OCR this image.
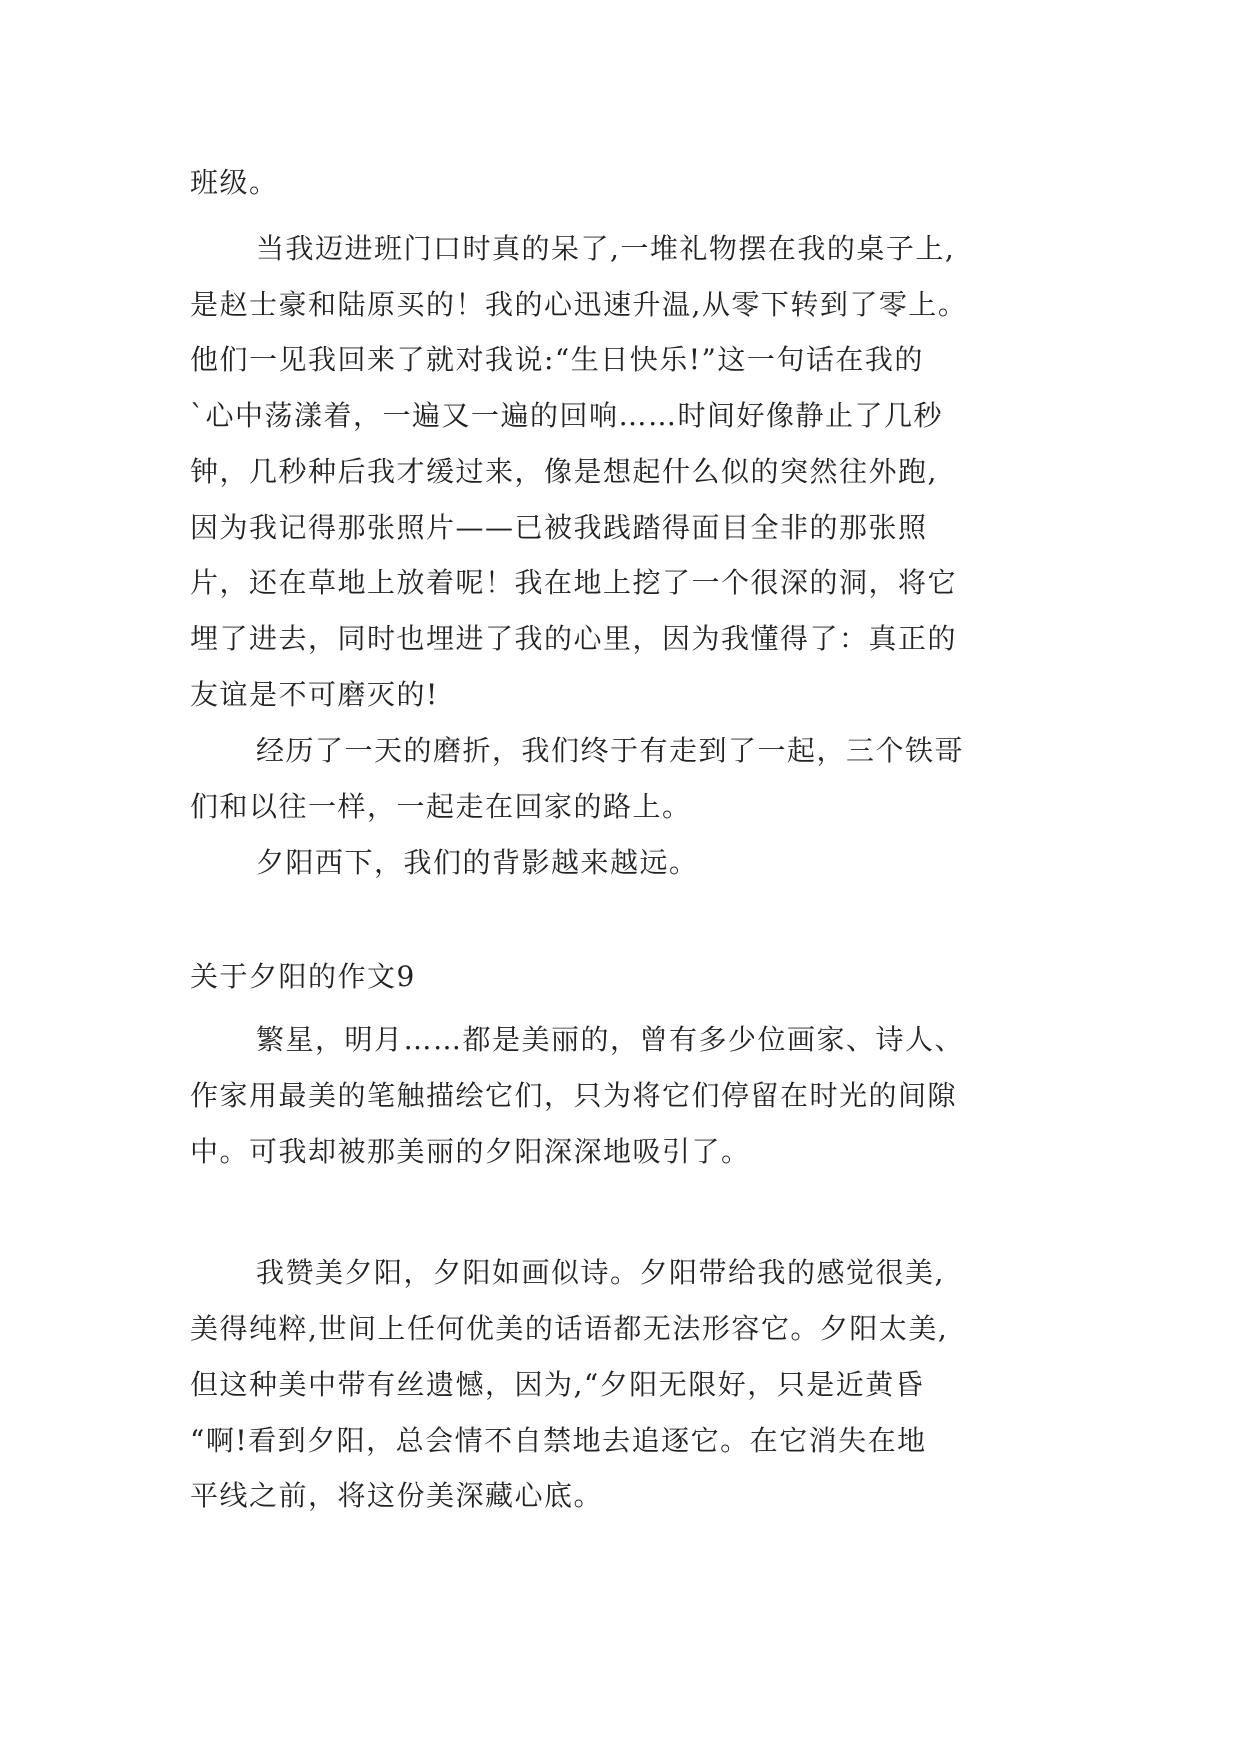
班级。
当我迈进班门口时真的呆了,一堆礼物摆在我的桌子上,
是赵士豪和陆原买的！我的心迅速升温,从零下转到了零上。
他们一见我回来了就对我说:“生日快乐!”这一句话在我的
`心中荡漾着，一遍又一遍的回响……时间好像静止了几秒
钟，几秒种后我才缓过来，像是想起什么似的突然往外跑,
因为我记得那张照片——已被我践踏得面目全非的那张照
片，还在草地上放着呢！我在地上挖了一个很深的洞，将它
埋了进去，同时也埋进了我的心里，因为我懂得了：真正的
友谊是不可磨灭的!
经历了一天的磨折，我们终于有走到了一起，三个铁哥
们和以往一样，一起走在回家的路上。
夕阳西下，我们的背影越来越远。
关于夕阳的作文9
繁星，明月……都是美丽的，曾有多少位画家、诗人、
作家用最美的笔触描绘它们，只为将它们停留在时光的间隙
中。可我却被那美丽的夕阳深深地吸引了。
我赞美夕阳，夕阳如画似诗。夕阳带给我的感觉很美,
美得纯粹,世间上任何优美的话语都无法形容它。夕阳太美,
但这种美中带有丝遗憾，因为,“夕阳无限好，只是近黄昏
“啊!看到夕阳，总会情不自禁地去追逐它。在它消失在地
平线之前，将这份美深藏心底。
